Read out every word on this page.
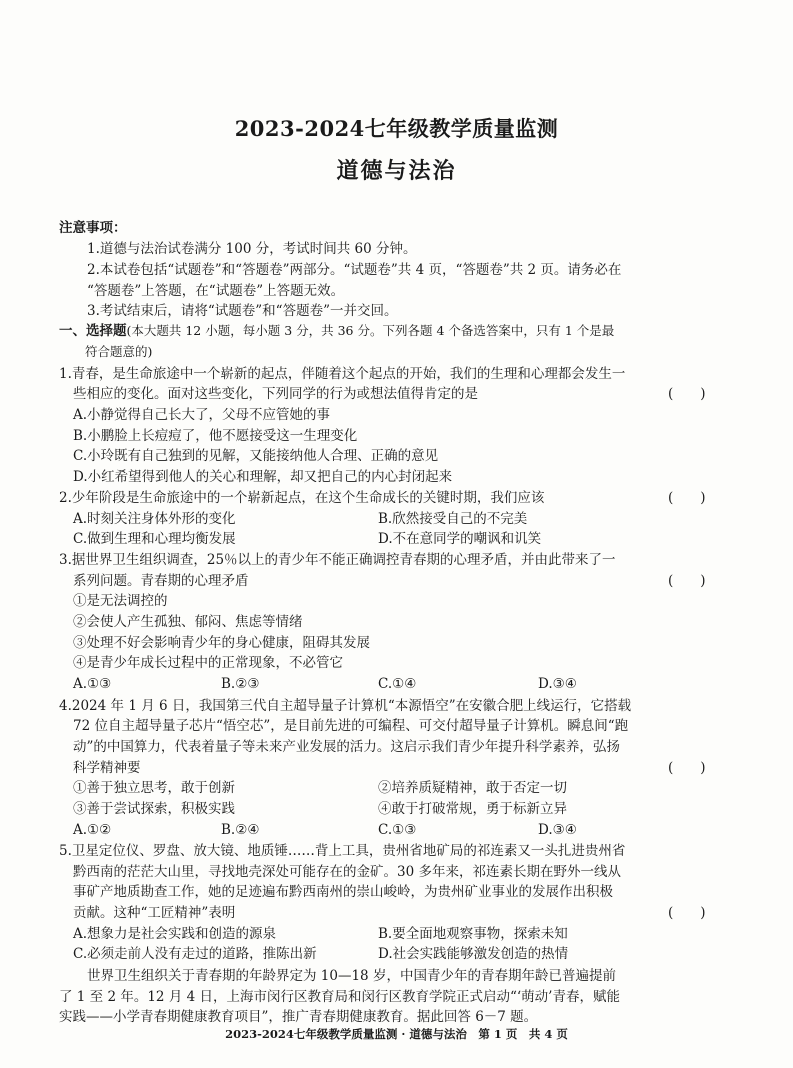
2023-2024七年级教学质量监测
道德与法治
注意事项：
1.道德与法治试卷满分 100 分，考试时间共 60 分钟。
2.本试卷包括“试题卷”和“答题卷”两部分。“试题卷”共 4 页，“答题卷”共 2 页。请务必在
“答题卷”上答题，在“试题卷”上答题无效。
3.考试结束后，请将“试题卷”和“答题卷”一并交回。
一、选择题(本大题共 12 小题，每小题 3 分，共 36 分。下列各题 4 个备选答案中，只有 1 个是最
符合题意的)
1.青春，是生命旅途中一个崭新的起点，伴随着这个起点的开始，我们的生理和心理都会发生一
些相应的变化。面对这些变化，下列同学的行为或想法值得肯定的是	(　　)
A.小静觉得自己长大了，父母不应管她的事
B.小鹏脸上长痘痘了，他不愿接受这一生理变化
C.小玲既有自己独到的见解，又能接纳他人合理、正确的意见
D.小红希望得到他人的关心和理解，却又把自己的内心封闭起来
2.少年阶段是生命旅途中的一个崭新起点，在这个生命成长的关键时期，我们应该	(　　)
A.时刻关注身体外形的变化	B.欣然接受自己的不完美
C.做到生理和心理均衡发展	D.不在意同学的嘲讽和讥笑
3.据世界卫生组织调查，25％以上的青少年不能正确调控青春期的心理矛盾，并由此带来了一
系列问题。青春期的心理矛盾	(　　)
①是无法调控的
②会使人产生孤独、郁闷、焦虑等情绪
③处理不好会影响青少年的身心健康，阻碍其发展
④是青少年成长过程中的正常现象，不必管它
A.①③	B.②③	C.①④	D.③④
4.2024 年 1 月 6 日，我国第三代自主超导量子计算机“本源悟空”在安徽合肥上线运行，它搭载
72 位自主超导量子芯片“悟空芯”，是目前先进的可编程、可交付超导量子计算机。瞬息间“跑
动”的中国算力，代表着量子等未来产业发展的活力。这启示我们青少年提升科学素养，弘扬
科学精神要	(　　)
①善于独立思考，敢于创新	②培养质疑精神，敢于否定一切
③善于尝试探索，积极实践	④敢于打破常规，勇于标新立异
A.①②	B.②④	C.①③	D.③④
5.卫星定位仪、罗盘、放大镜、地质锤……背上工具，贵州省地矿局的祁连素又一头扎进贵州省
黔西南的茫茫大山里，寻找地壳深处可能存在的金矿。30 多年来，祁连素长期在野外一线从
事矿产地质勘查工作，她的足迹遍布黔西南州的崇山峻岭，为贵州矿业事业的发展作出积极
贡献。这种“工匠精神”表明	(　　)
A.想象力是社会实践和创造的源泉	B.要全面地观察事物，探索未知
C.必须走前人没有走过的道路，推陈出新	D.社会实践能够激发创造的热情
世界卫生组织关于青春期的年龄界定为 10—18 岁，中国青少年的青春期年龄已普遍提前
了 1 至 2 年。12 月 4 日，上海市闵行区教育局和闵行区教育学院正式启动“‘萌动’青春，赋能
实践——小学青春期健康教育项目”，推广青春期健康教育。据此回答 6－7 题。
2023-2024七年级教学质量监测 · 道德与法治　第 1 页　共 4 页
